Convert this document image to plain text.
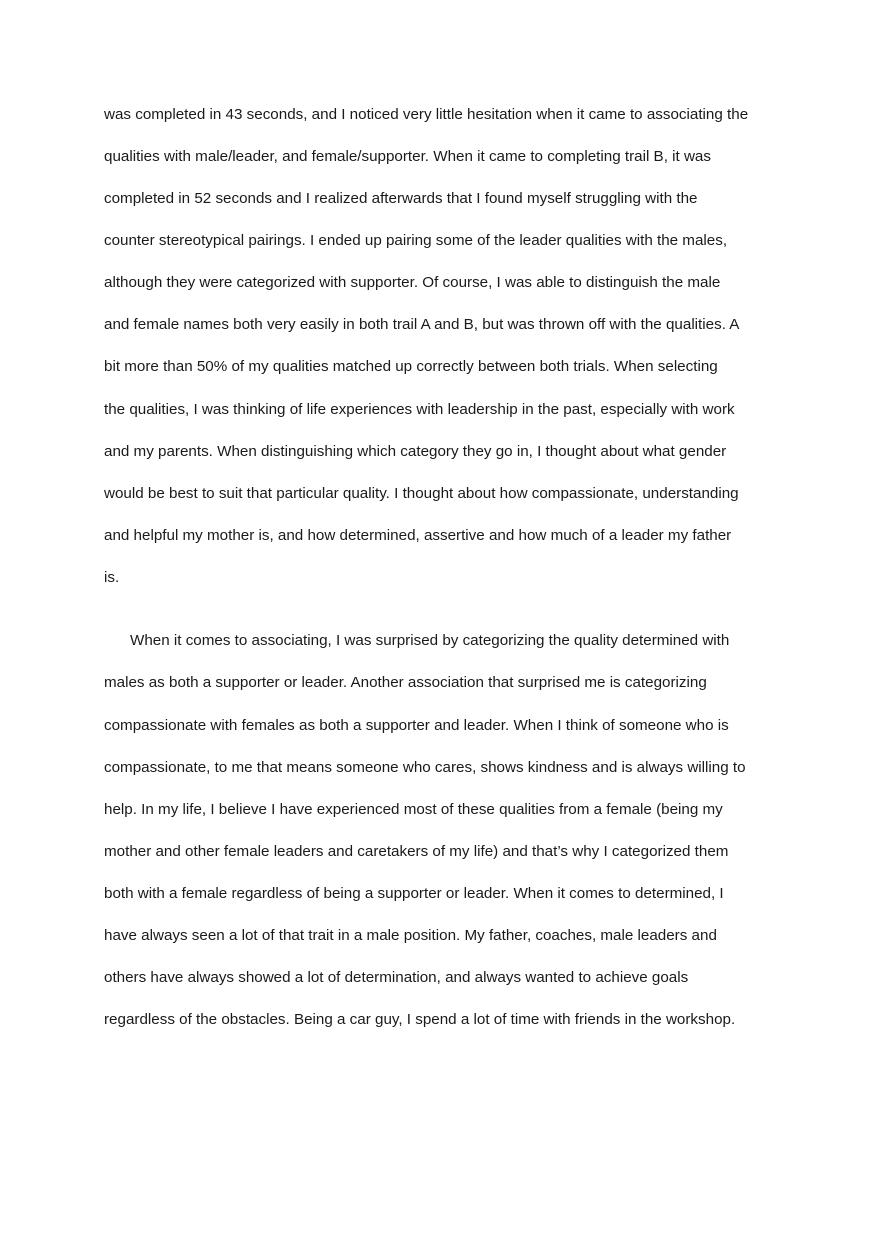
was completed in 43 seconds, and I noticed very little hesitation when it came to associating the
qualities with male/leader, and female/supporter. When it came to completing trail B, it was
completed in 52 seconds and I realized afterwards that I found myself struggling with the
counter stereotypical pairings. I ended up pairing some of the leader qualities with the males,
although they were categorized with supporter. Of course, I was able to distinguish the male
and female names both very easily in both trail A and B, but was thrown off with the qualities. A
bit more than 50% of my qualities matched up correctly between both trials. When selecting
the qualities, I was thinking of life experiences with leadership in the past, especially with work
and my parents. When distinguishing which category they go in, I thought about what gender
would be best to suit that particular quality. I thought about how compassionate, understanding
and helpful my mother is, and how determined, assertive and how much of a leader my father
is.
When it comes to associating, I was surprised by categorizing the quality determined with
males as both a supporter or leader. Another association that surprised me is categorizing
compassionate with females as both a supporter and leader. When I think of someone who is
compassionate, to me that means someone who cares, shows kindness and is always willing to
help. In my life, I believe I have experienced most of these qualities from a female (being my
mother and other female leaders and caretakers of my life) and that’s why I categorized them
both with a female regardless of being a supporter or leader. When it comes to determined, I
have always seen a lot of that trait in a male position. My father, coaches, male leaders and
others have always showed a lot of determination, and always wanted to achieve goals
regardless of the obstacles. Being a car guy, I spend a lot of time with friends in the workshop.
